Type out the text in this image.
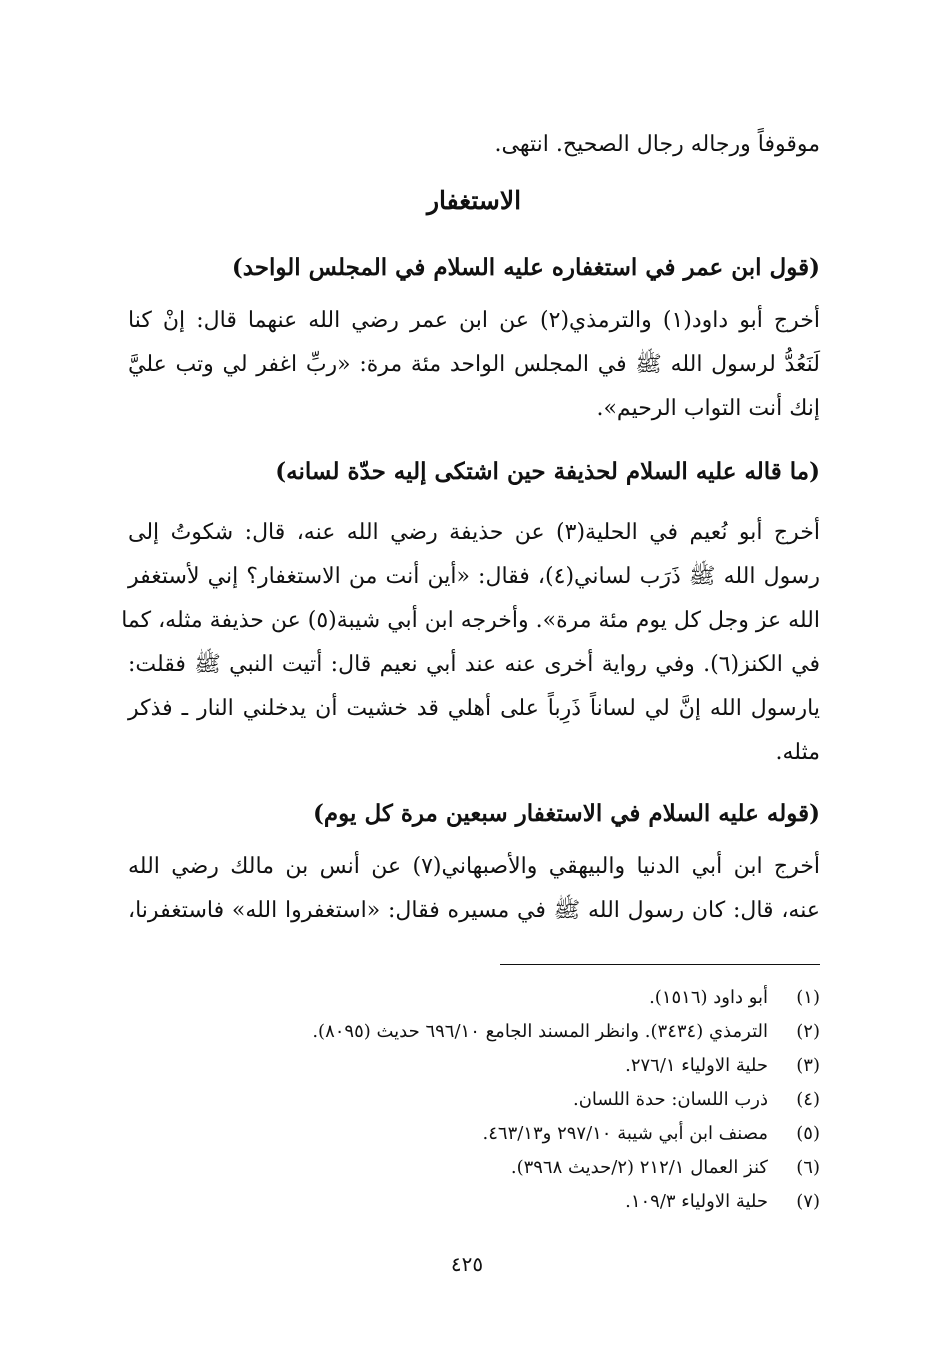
موقوفاً ورجاله رجال الصحيح. انتهى.
الاستغفار
(قول ابن عمر في استغفاره عليه السلام في المجلس الواحد)
أخرج أبو داود(١) والترمذي(٢) عن ابن عمر رضي الله عنهما قال: إنْ كنا
لَنَعُدُّ لرسول الله ﷺ في المجلس الواحد مئة مرة: «ربِّ اغفر لي وتب عليَّ
إنك أنت التواب الرحيم».
(ما قاله عليه السلام لحذيفة حين اشتكى إليه حدّة لسانه)
أخرج أبو نُعيم في الحلية(٣) عن حذيفة رضي الله عنه، قال: شكوتُ إلى
رسول الله ﷺ ذَرَب لساني(٤)، فقال: «أين أنت من الاستغفار؟ إني لأستغفر
الله عز وجل كل يوم مئة مرة». وأخرجه ابن أبي شيبة(٥) عن حذيفة مثله، كما
في الكنز(٦). وفي رواية أخرى عنه عند أبي نعيم قال: أتيت النبي ﷺ فقلت:
يارسول الله إنَّ لي لساناً ذَرِباً على أهلي قد خشيت أن يدخلني النار ـ فذكر
مثله.
(قوله عليه السلام في الاستغفار سبعين مرة كل يوم)
أخرج ابن أبي الدنيا والبيهقي والأصبهاني(٧) عن أنس بن مالك رضي الله
عنه، قال: كان رسول الله ﷺ في مسيره فقال: «استغفروا الله» فاستغفرنا،
(١)
أبو داود (١٥١٦).
(٢)
الترمذي (٣٤٣٤). وانظر المسند الجامع ٦٩٦/١٠ حديث (٨٠٩٥).
(٣)
حلية الاولياء ٢٧٦/١.
(٤)
ذرب اللسان: حدة اللسان.
(٥)
مصنف ابن أبي شيبة ٢٩٧/١٠ و٤٦٣/١٣.
(٦)
كنز العمال ٢١٢/١ (٢/حديث ٣٩٦٨).
(٧)
حلية الاولياء ١٠٩/٣.
٤٢٥
